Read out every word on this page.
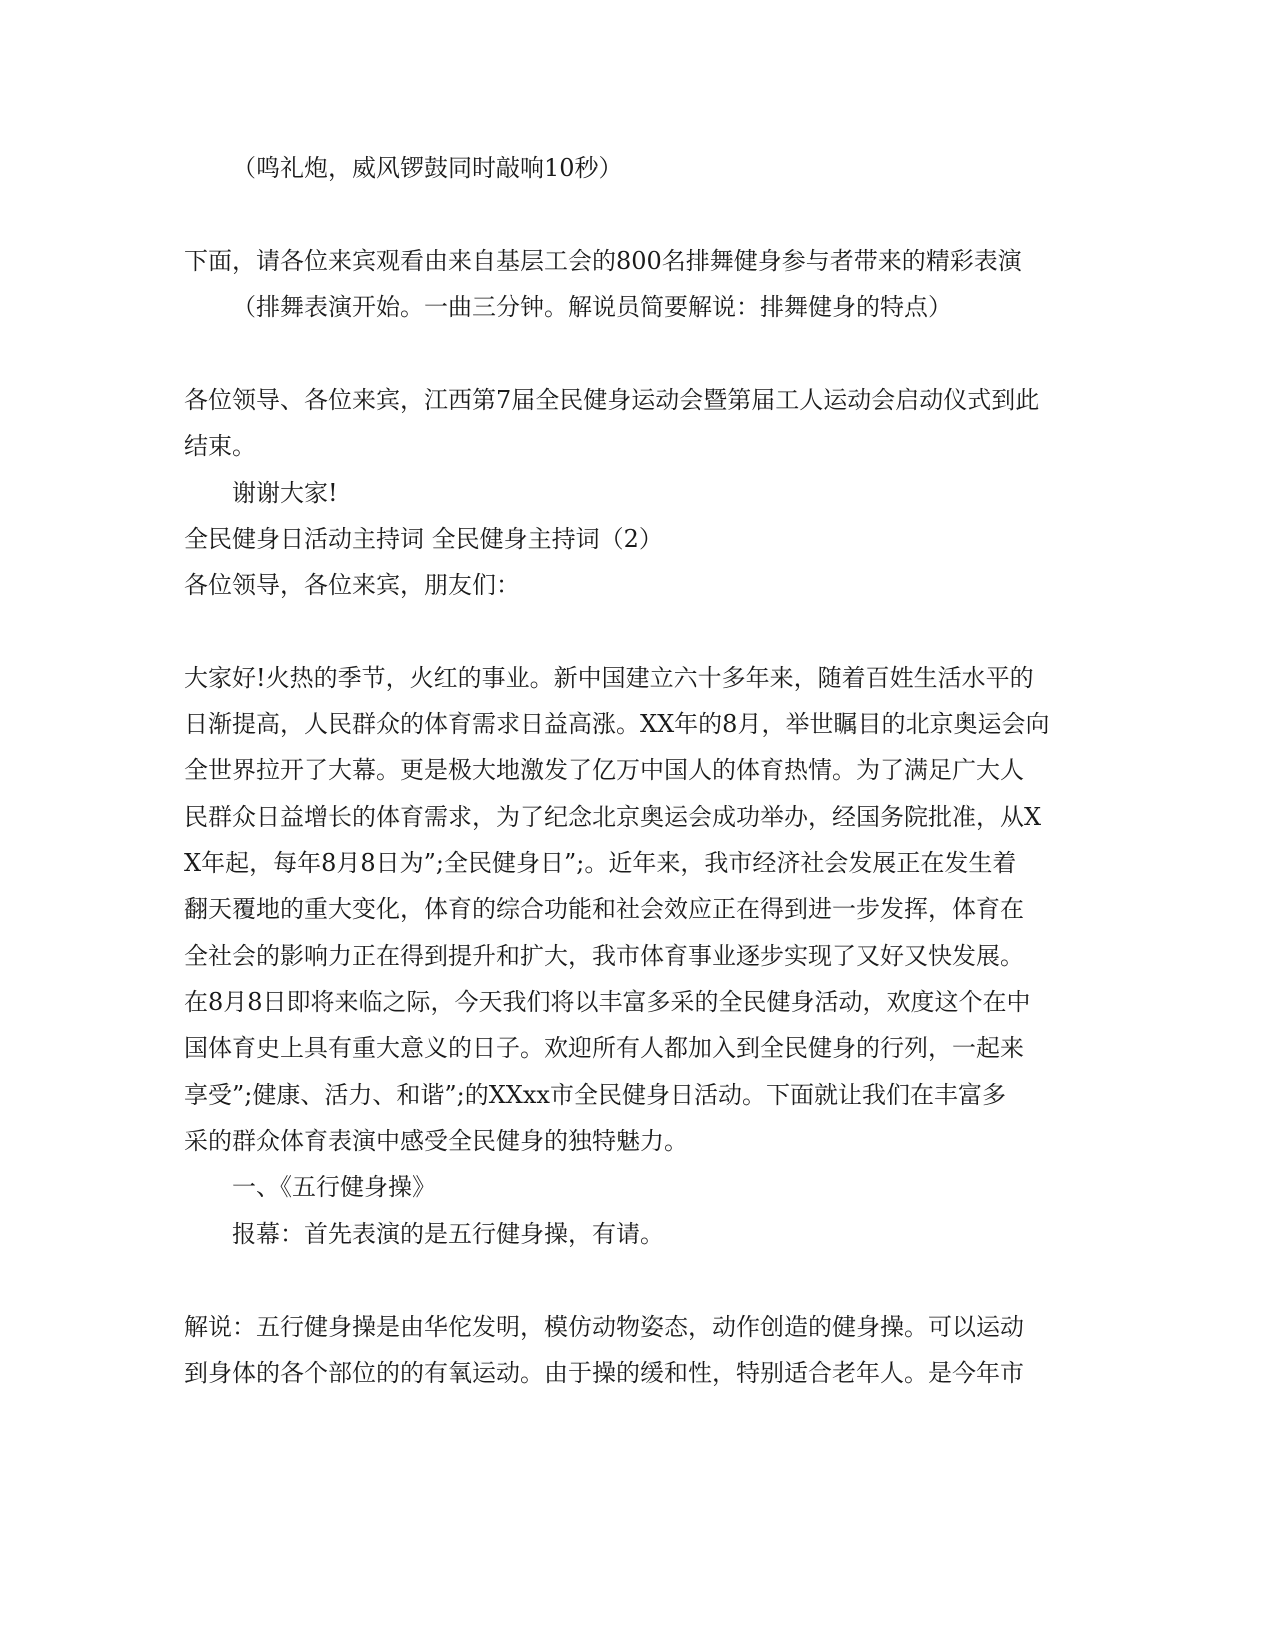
（鸣礼炮，威风锣鼓同时敲响10秒）

下面，请各位来宾观看由来自基层工会的800名排舞健身参与者带来的精彩表演

（排舞表演开始。一曲三分钟。解说员简要解说：排舞健身的特点）

各位领导、各位来宾，江西第7届全民健身运动会暨第届工人运动会启动仪式到此

结束。

谢谢大家!

全民健身日活动主持词 全民健身主持词（2）

各位领导，各位来宾，朋友们：

大家好!火热的季节，火红的事业。新中国建立六十多年来，随着百姓生活水平的

日渐提高，人民群众的体育需求日益高涨。XX年的8月，举世瞩目的北京奥运会向

全世界拉开了大幕。更是极大地激发了亿万中国人的体育热情。为了满足广大人

民群众日益增长的体育需求，为了纪念北京奥运会成功举办，经国务院批准，从X

X年起，每年8月8日为”;全民健身日”;。近年来，我市经济社会发展正在发生着

翻天覆地的重大变化，体育的综合功能和社会效应正在得到进一步发挥，体育在

全社会的影响力正在得到提升和扩大，我市体育事业逐步实现了又好又快发展。

在8月8日即将来临之际，今天我们将以丰富多采的全民健身活动，欢度这个在中

国体育史上具有重大意义的日子。欢迎所有人都加入到全民健身的行列，一起来

享受”;健康、活力、和谐”;的XXxx市全民健身日活动。下面就让我们在丰富多

采的群众体育表演中感受全民健身的独特魅力。

一、《五行健身操》

报幕：首先表演的是五行健身操，有请。

解说：五行健身操是由华佗发明，模仿动物姿态，动作创造的健身操。可以运动

到身体的各个部位的的有氧运动。由于操的缓和性，特别适合老年人。是今年市
